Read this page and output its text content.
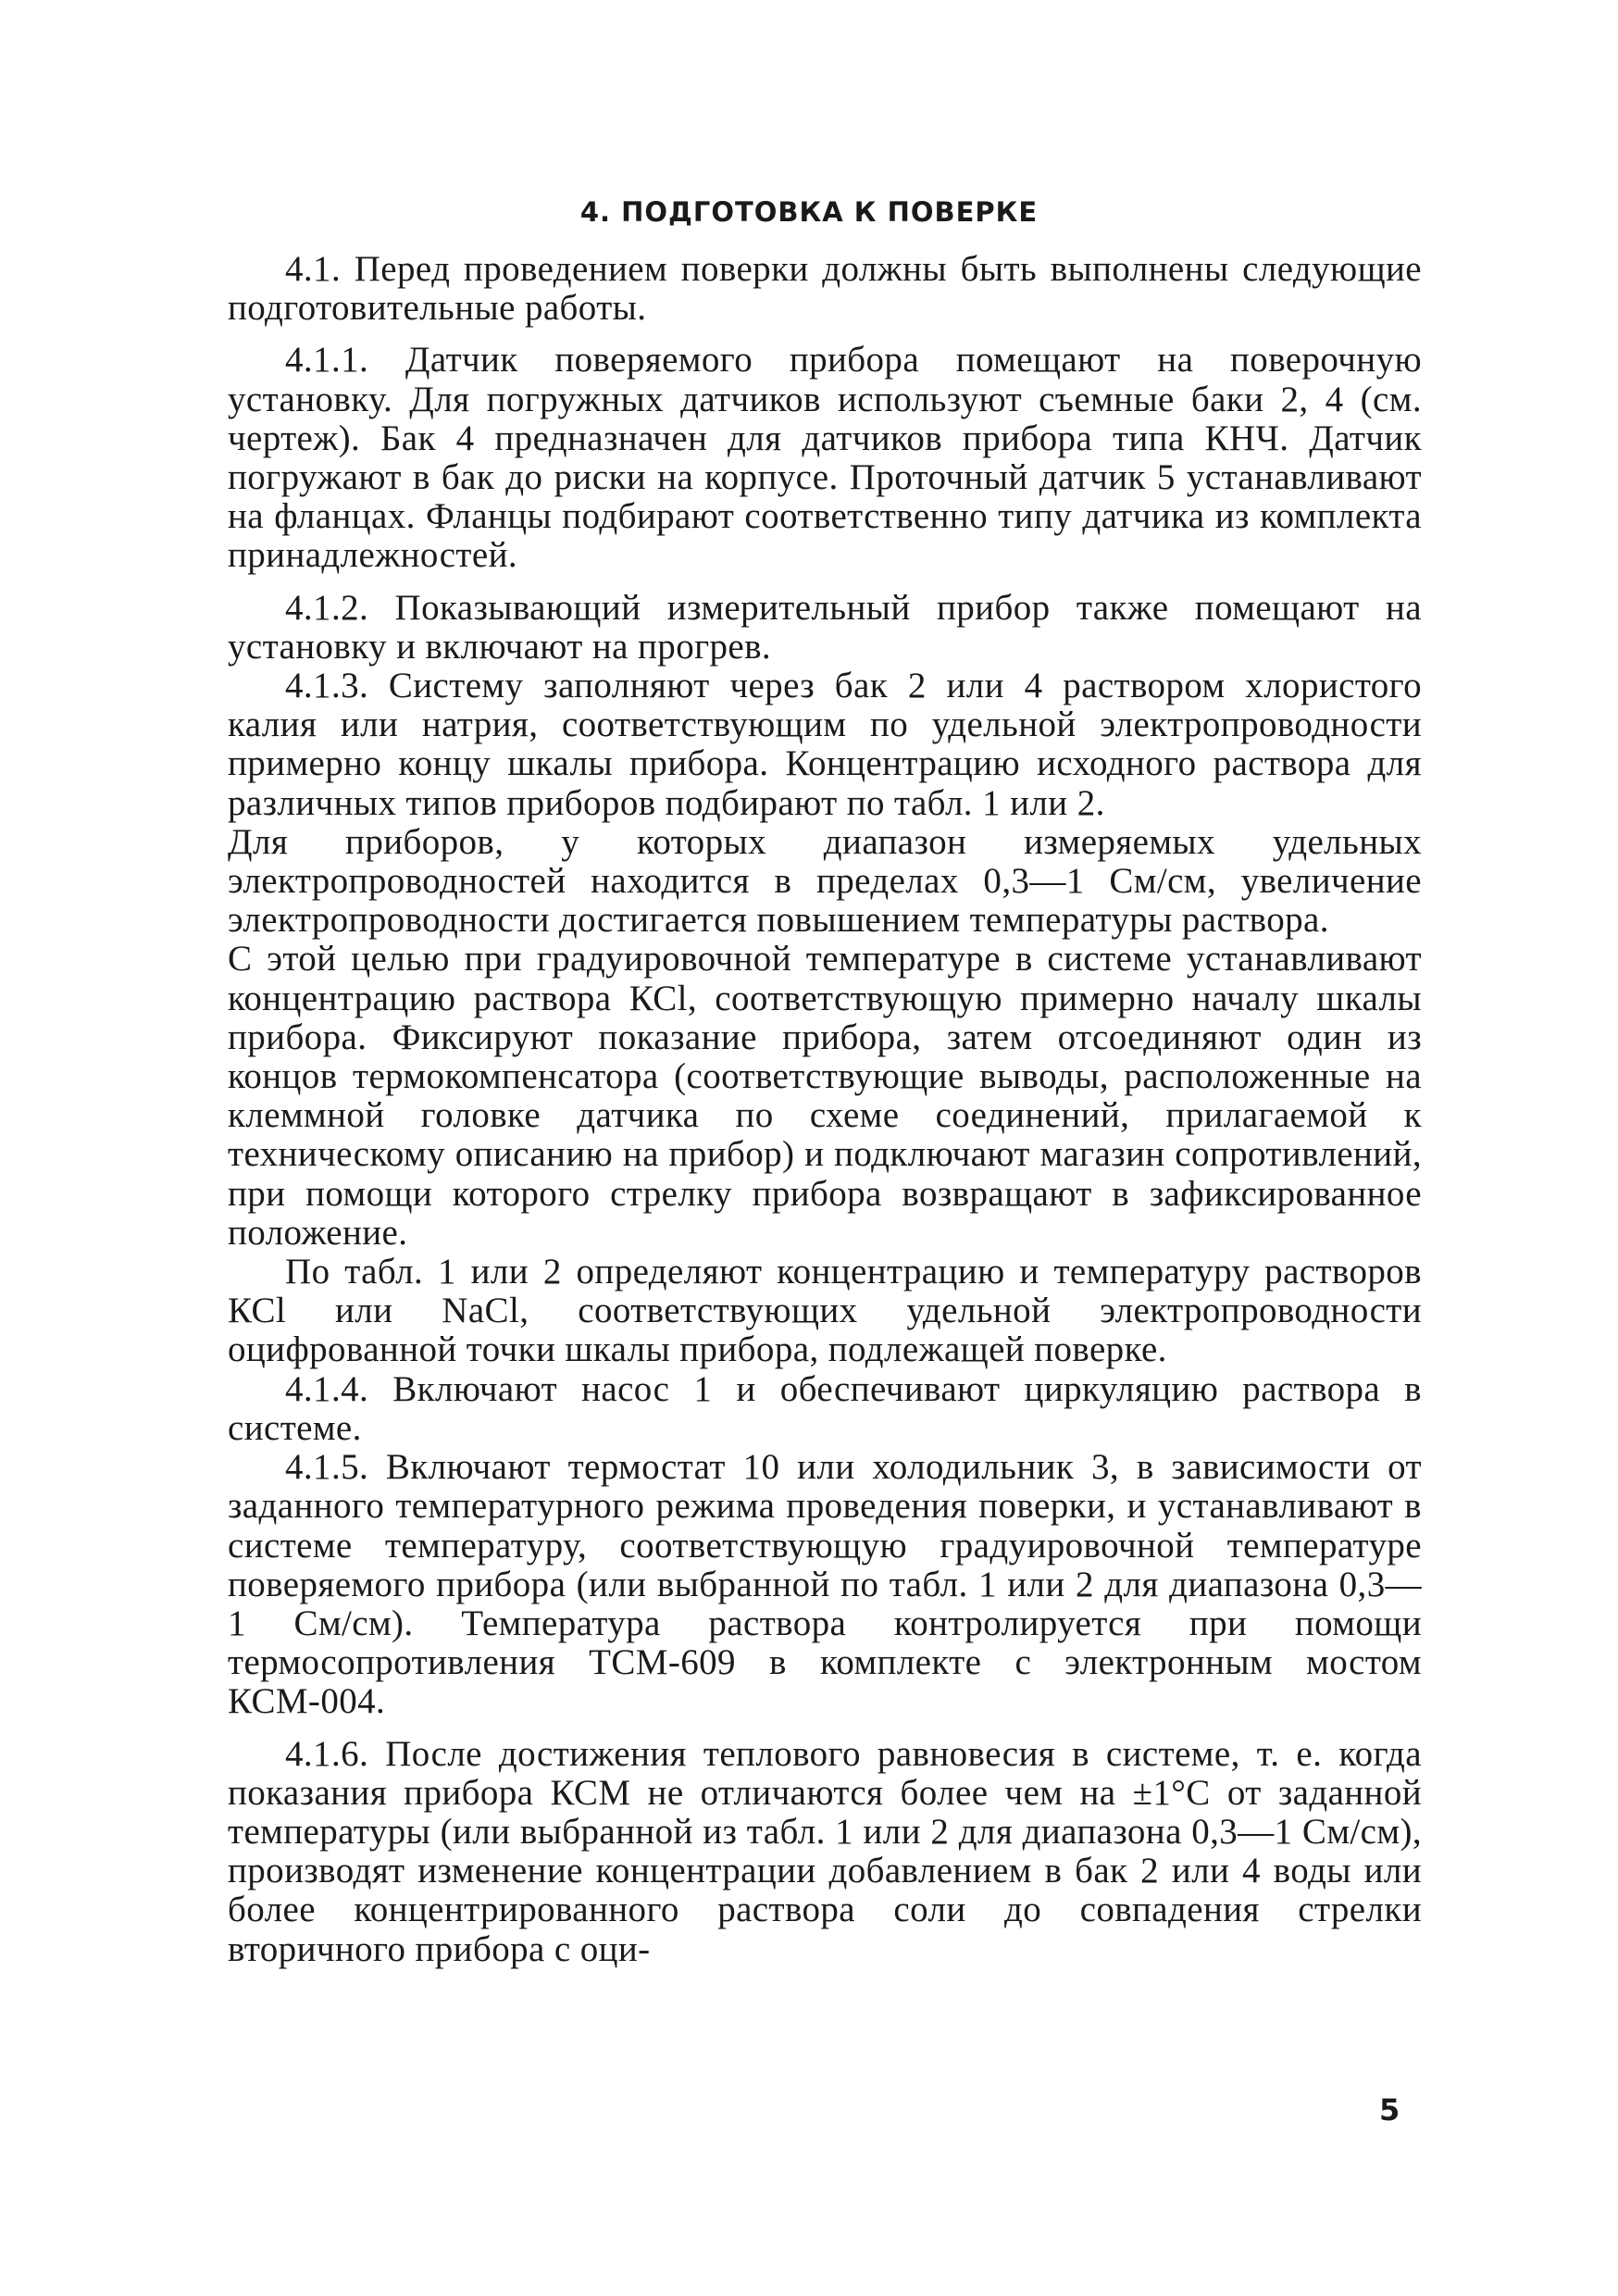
4. ПОДГОТОВКА К ПОВЕРКЕ

4.1. Перед проведением поверки должны быть выполнены следующие подготовительные работы.

4.1.1. Датчик поверяемого прибора помещают на поверочную установку. Для погружных датчиков используют съемные баки 2, 4 (см. чертеж). Бак 4 предназначен для датчиков прибора типа КНЧ. Датчик погружают в бак до риски на корпусе. Проточный датчик 5 устанавливают на фланцах. Фланцы подбирают соответственно типу датчика из комплекта принадлежностей.

4.1.2. Показывающий измерительный прибор также помещают на установку и включают на прогрев.

4.1.3. Систему заполняют через бак 2 или 4 раствором хлористого калия или натрия, соответствующим по удельной электропроводности примерно концу шкалы прибора. Концентрацию исходного раствора для различных типов приборов подбирают по табл. 1 или 2.

Для приборов, у которых диапазон измеряемых удельных электропроводностей находится в пределах 0,3—1 См/см, увеличение электропроводности достигается повышением температуры раствора.

С этой целью при градуировочной температуре в системе устанавливают концентрацию раствора КСl, соответствующую примерно началу шкалы прибора. Фиксируют показание прибора, затем отсоединяют один из концов термокомпенсатора (соответствующие выводы, расположенные на клеммной головке датчика по схеме соединений, прилагаемой к техническому описанию на прибор) и подключают магазин сопротивлений, при помощи которого стрелку прибора возвращают в зафиксированное положение.

По табл. 1 или 2 определяют концентрацию и температуру растворов КСl или NaCl, соответствующих удельной электропроводности оцифрованной точки шкалы прибора, подлежащей поверке.

4.1.4. Включают насос 1 и обеспечивают циркуляцию раствора в системе.

4.1.5. Включают термостат 10 или холодильник 3, в зависимости от заданного температурного режима проведения поверки, и устанавливают в системе температуру, соответствующую градуировочной температуре поверяемого прибора (или выбранной по табл. 1 или 2 для диапазона 0,3—1 См/см). Температура раствора контролируется при помощи термосопротивления ТСМ-609 в комплекте с электронным мостом КСМ-004.

4.1.6. После достижения теплового равновесия в системе, т. е. когда показания прибора КСМ не отличаются более чем на ±1°С от заданной температуры (или выбранной из табл. 1 или 2 для диапазона 0,3—1 См/см), производят изменение концентрации добавлением в бак 2 или 4 воды или более концентрированного раствора соли до совпадения стрелки вторичного прибора с оци-

5
